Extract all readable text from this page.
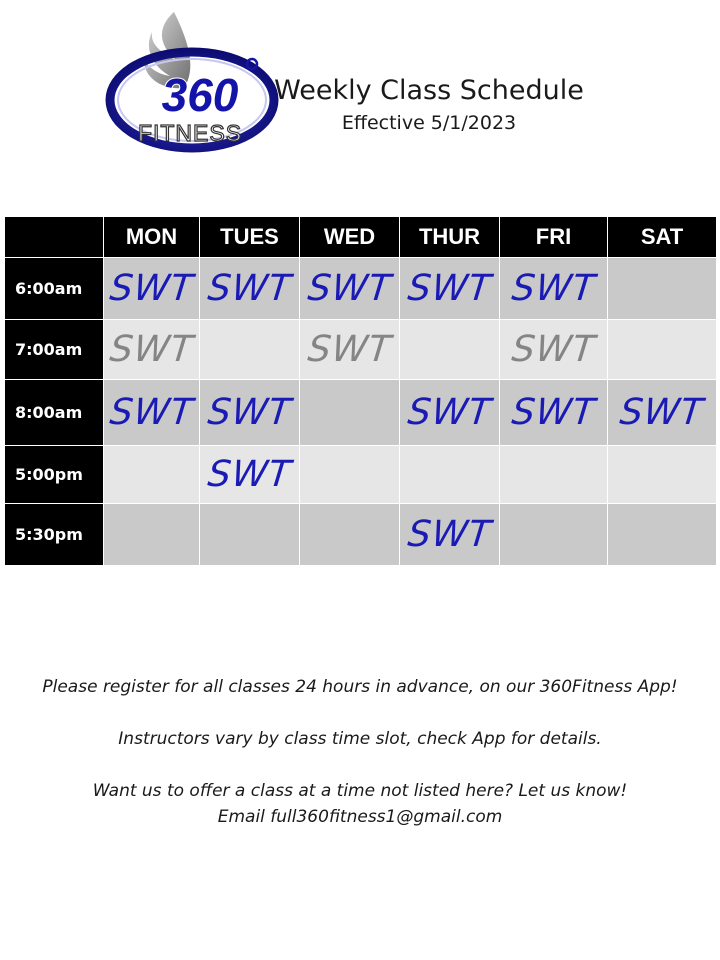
360
FITNESS
Weekly Class Schedule
Effective 5/1/2023
	MON	TUES	WED	THUR	FRI	SAT
6:00am	SWT	SWT	SWT	SWT	SWT	
7:00am	SWT		SWT		SWT	
8:00am	SWT	SWT		SWT	SWT	SWT
5:00pm		SWT				
5:30pm				SWT		

Please register for all classes 24 hours in advance, on our 360Fitness App!

Instructors vary by class time slot, check App for details.

Want us to offer a class at a time not listed here? Let us know!

Email full360fitness1@gmail.com
